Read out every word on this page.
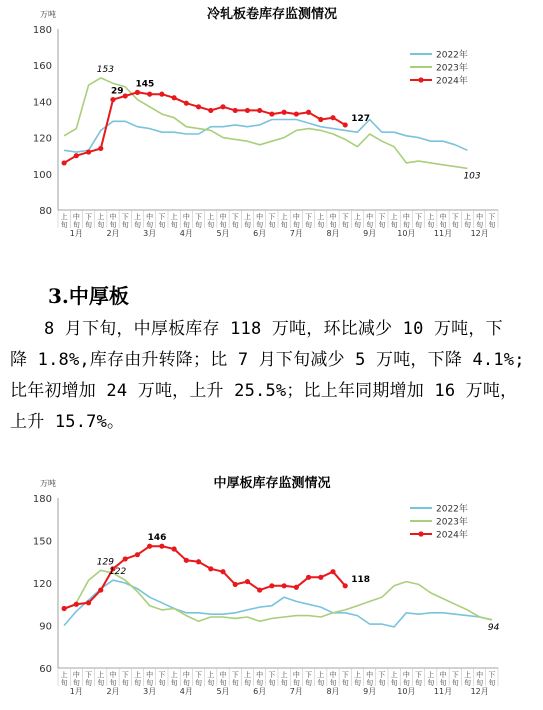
冷轧板卷库存监测情况
万吨
80
100
120
140
160
180
上旬
中旬
下旬
上旬
中旬
下旬
上旬
中旬
下旬
上旬
中旬
下旬
上旬
中旬
下旬
上旬
中旬
下旬
上旬
中旬
下旬
上旬
中旬
下旬
上旬
中旬
下旬
上旬
中旬
下旬
上旬
中旬
下旬
上旬
中旬
下旬
1月	2月	3月	4月	5月	6月	7月	8月	9月	10月 11月 12月
153
29
145
127
103
2022年
2023年
2024年
3.中厚板
8 月下旬，中厚板库存 118 万吨，环比减少 10 万吨，下
降 1.8%,库存由升转降；比 7 月下旬减少 5 万吨，下降 4.1%;
比年初增加 24 万吨，上升 25.5%；比上年同期增加 16 万吨，
上升 15.7%。
中厚板库存监测情况
万吨
60
90
120
150
180
上旬
中旬
下旬
上旬
中旬
下旬
上旬
中旬
下旬
上旬
中旬
下旬
上旬
中旬
下旬
上旬
中旬
下旬
上旬
中旬
下旬
上旬
中旬
下旬
上旬
中旬
下旬
上旬
中旬
下旬
上旬
中旬
下旬
上旬
中旬
下旬
1月	2月	3月	4月	5月	6月	7月	8月	9月	10月 11月 12月
129
122
146
118
94
2022年
2023年
2024年
